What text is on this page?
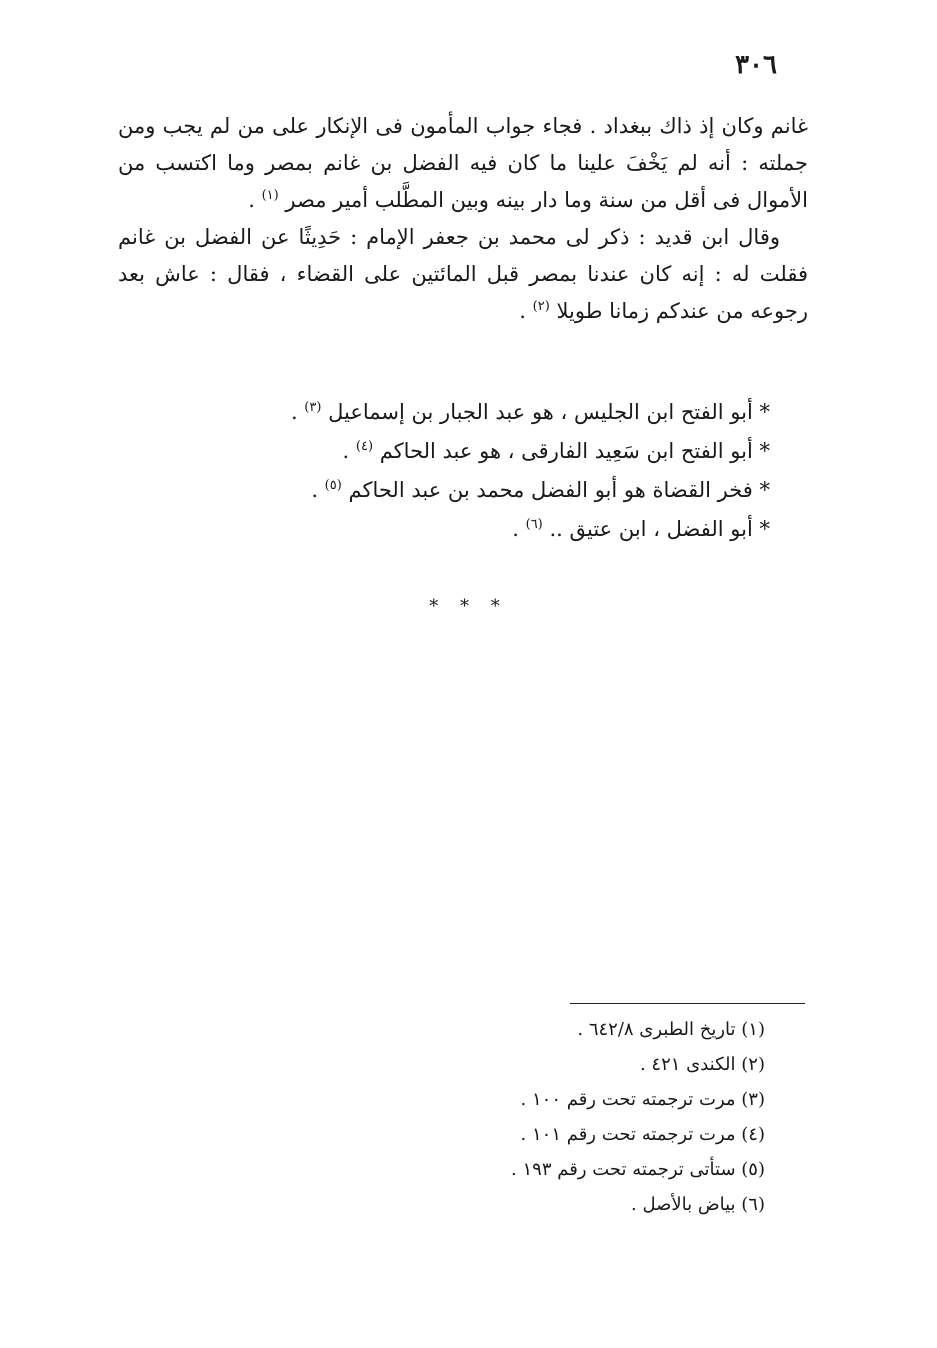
٣٠٦

غانم وكان إذ ذاك ببغداد . فجاء جواب المأمون فى الإنكار على من لم يجب ومن جملته : أنه لم يَخْفَ علينا ما كان فيه الفضل بن غانم بمصر وما اكتسب من الأموال فى أقل من سنة وما دار بينه وبين المطَّلب أمير مصر $^{(١)}$ .

وقال ابن قديد : ذكر لى محمد بن جعفر الإمام : حَدِيثًا عن الفضل بن غانم فقلت له : إنه كان عندنا بمصر قبل المائتين على القضاء ، فقال : عاش بعد رجوعه من عندكم زمانا طويلا $^{(٢)}$ .

* أبو الفتح ابن الجليس ، هو عبد الجبار بن إسماعيل $^{(٣)}$ .

* أبو الفتح ابن سَعِيد الفارقى ، هو عبد الحاكم $^{(٤)}$ .

* فخر القضاة هو أبو الفضل محمد بن عبد الحاكم $^{(٥)}$ .

* أبو الفضل ، ابن عتيق .. $^{(٦)}$ .

* * *

(١) تاريخ الطبرى ٦٤٢/٨ .

(٢) الكندى ٤٢١ .

(٣) مرت ترجمته تحت رقم ١٠٠ .

(٤) مرت ترجمته تحت رقم ١٠١ .

(٥) ستأتى ترجمته تحت رقم ١٩٣ .

(٦) بياض بالأصل .
